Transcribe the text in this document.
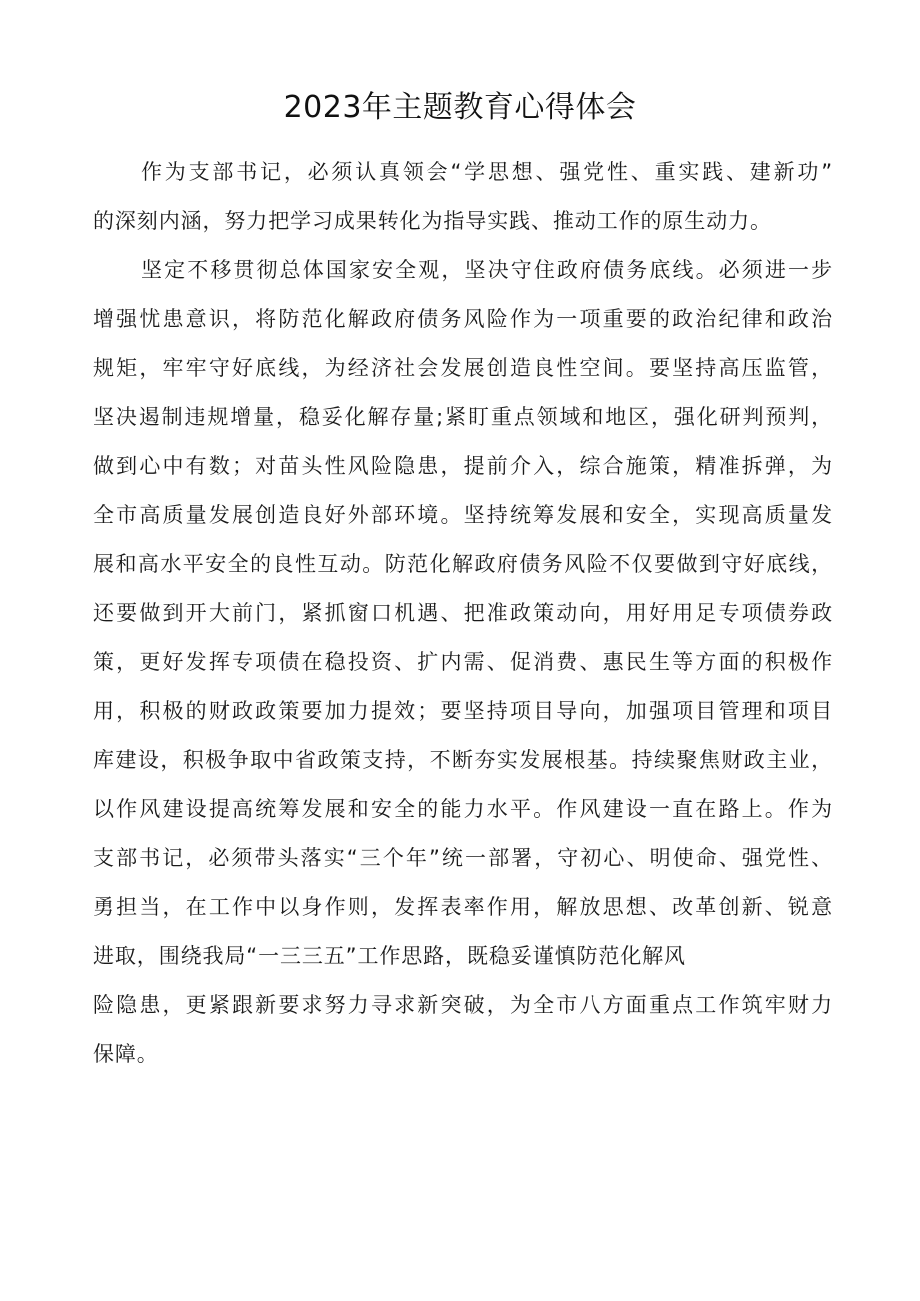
2023年主题教育心得体会
作为支部书记，必须认真领会“学思想、强党性、重实践、建新功”
的深刻内涵，努力把学习成果转化为指导实践、推动工作的原生动力。
坚定不移贯彻总体国家安全观，坚决守住政府债务底线。必须进一步
增强忧患意识，将防范化解政府债务风险作为一项重要的政治纪律和政治
规矩，牢牢守好底线，为经济社会发展创造良性空间。要坚持高压监管，
坚决遏制违规增量，稳妥化解存量;紧盯重点领域和地区，强化研判预判，
做到心中有数；对苗头性风险隐患，提前介入，综合施策，精准拆弹，为
全市高质量发展创造良好外部环境。坚持统筹发展和安全，实现高质量发
展和高水平安全的良性互动。防范化解政府债务风险不仅要做到守好底线，
还要做到开大前门，紧抓窗口机遇、把准政策动向，用好用足专项债券政
策，更好发挥专项债在稳投资、扩内需、促消费、惠民生等方面的积极作
用，积极的财政政策要加力提效；要坚持项目导向，加强项目管理和项目
库建设，积极争取中省政策支持，不断夯实发展根基。持续聚焦财政主业，
以作风建设提高统筹发展和安全的能力水平。作风建设一直在路上。作为
支部书记，必须带头落实“三个年”统一部署，守初心、明使命、强党性、
勇担当，在工作中以身作则，发挥表率作用，解放思想、改革创新、锐意
进取，围绕我局“一三三五”工作思路，既稳妥谨慎防范化解风
险隐患，更紧跟新要求努力寻求新突破，为全市八方面重点工作筑牢财力
保障。
